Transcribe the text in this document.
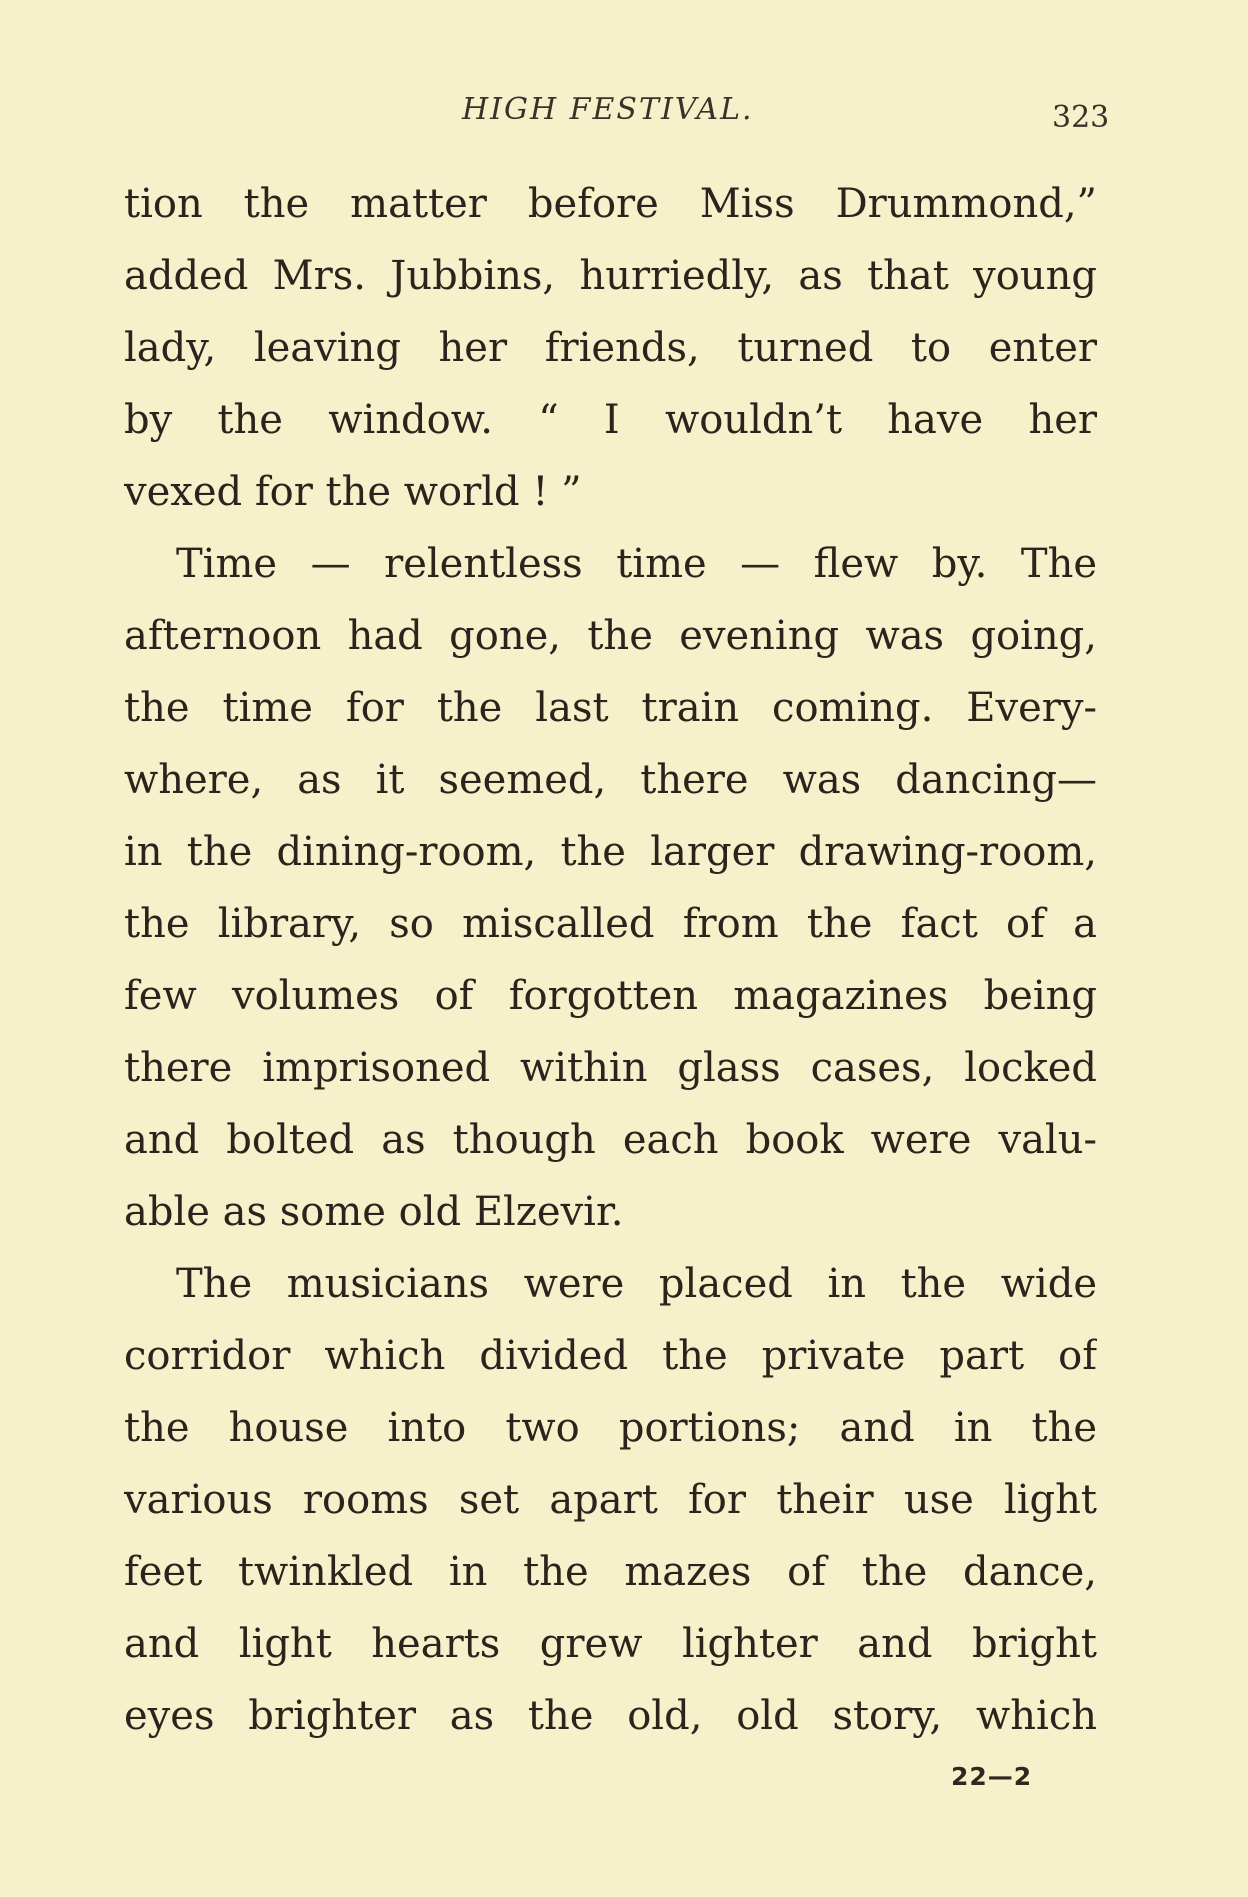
HIGH FESTIVAL.	323
tion the matter before Miss Drummond,”
added Mrs. Jubbins, hurriedly, as that young
lady, leaving her friends, turned to enter
by the window. “ I wouldn’t have her
vexed for the world ! ”
Time — relentless time — flew by. The
afternoon had gone, the evening was going,
the time for the last train coming. Every-
where, as it seemed, there was dancing—
in the dining-room, the larger drawing-room,
the library, so miscalled from the fact of a
few volumes of forgotten magazines being
there imprisoned within glass cases, locked
and bolted as though each book were valu-
able as some old Elzevir.
The musicians were placed in the wide
corridor which divided the private part of
the house into two portions; and in the
various rooms set apart for their use light
feet twinkled in the mazes of the dance,
and light hearts grew lighter and bright
eyes brighter as the old, old story, which
22—2
